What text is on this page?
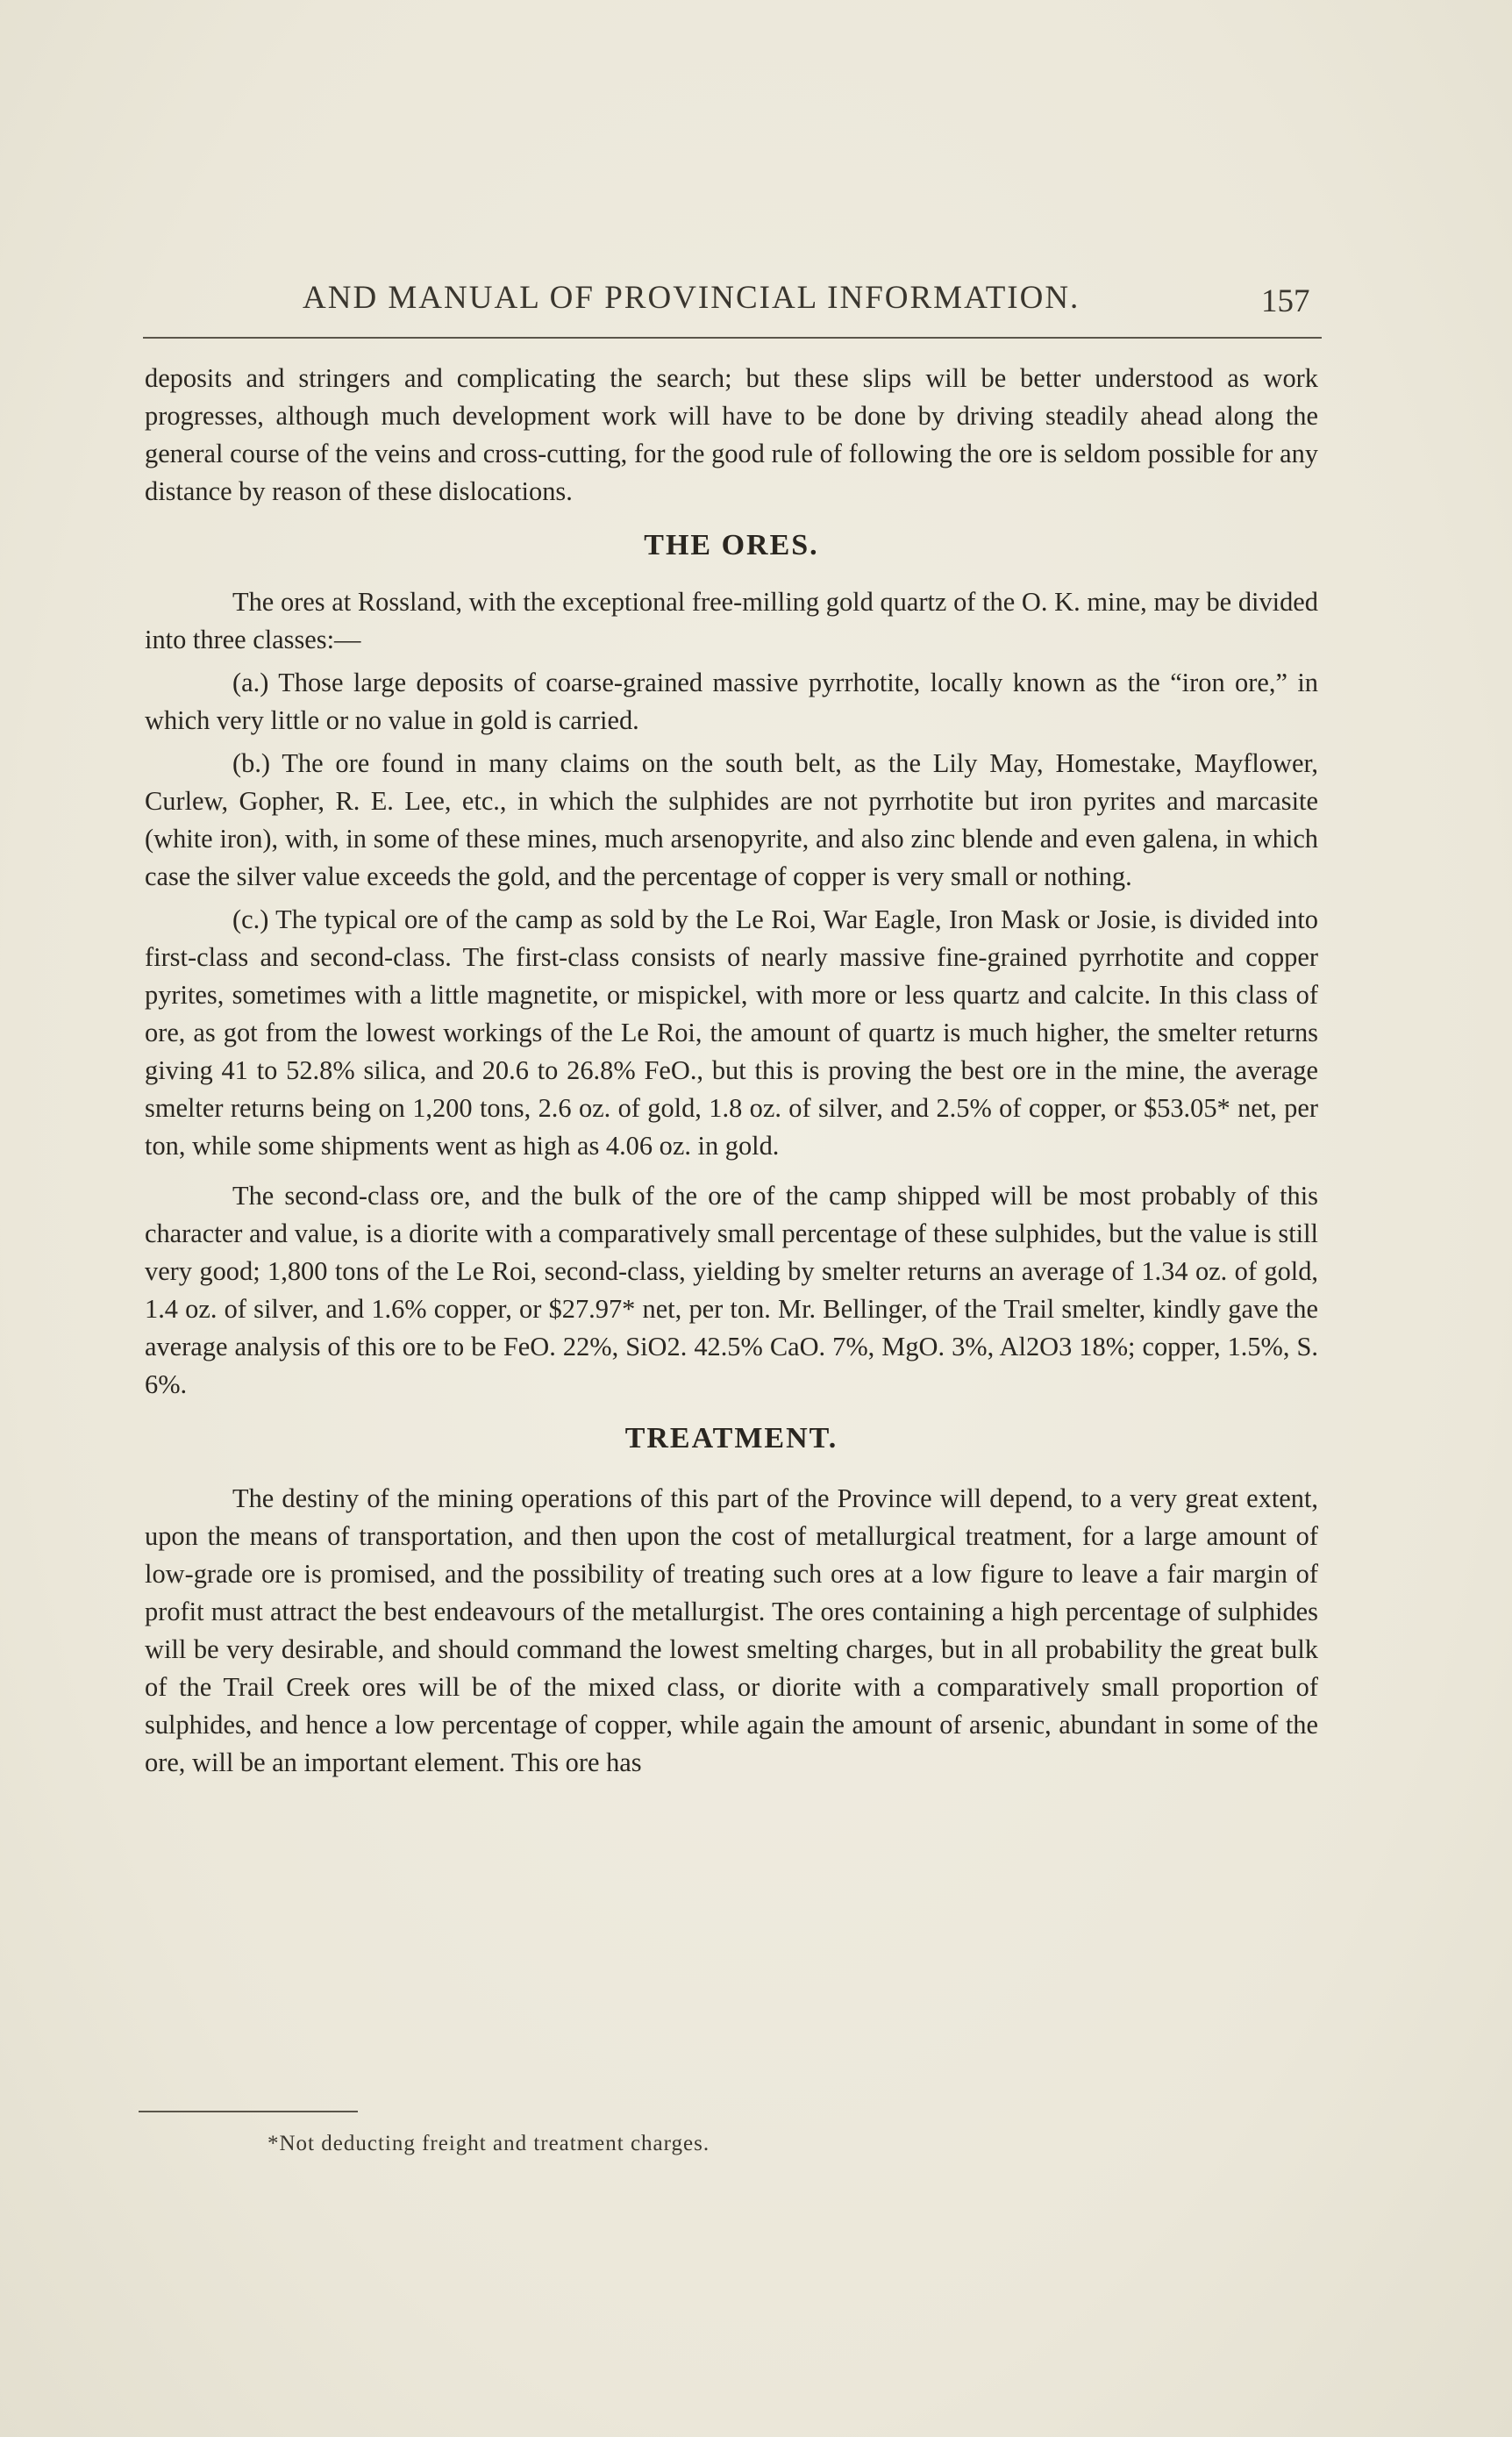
AND MANUAL OF PROVINCIAL INFORMATION.	157

deposits and stringers and complicating the search; but these slips will be better understood as work progresses, although much development work will have to be done by driving steadily ahead along the general course of the veins and cross-cutting, for the good rule of following the ore is seldom possible for any distance by reason of these dislocations.

THE ORES.

The ores at Rossland, with the exceptional free-milling gold quartz of the O. K. mine, may be divided into three classes:—

(a.) Those large deposits of coarse-grained massive pyrrhotite, locally known as the “iron ore,” in which very little or no value in gold is carried.

(b.) The ore found in many claims on the south belt, as the Lily May, Homestake, Mayflower, Curlew, Gopher, R. E. Lee, etc., in which the sulphides are not pyrrhotite but iron pyrites and marcasite (white iron), with, in some of these mines, much arsenopyrite, and also zinc blende and even galena, in which case the silver value exceeds the gold, and the percentage of copper is very small or nothing.

(c.) The typical ore of the camp as sold by the Le Roi, War Eagle, Iron Mask or Josie, is divided into first-class and second-class. The first-class consists of nearly massive fine-grained pyrrhotite and copper pyrites, sometimes with a little magnetite, or mispickel, with more or less quartz and calcite. In this class of ore, as got from the lowest workings of the Le Roi, the amount of quartz is much higher, the smelter returns giving 41 to 52.8% silica, and 20.6 to 26.8% FeO., but this is proving the best ore in the mine, the average smelter returns being on 1,200 tons, 2.6 oz. of gold, 1.8 oz. of silver, and 2.5% of copper, or $53.05* net, per ton, while some shipments went as high as 4.06 oz. in gold.

The second-class ore, and the bulk of the ore of the camp shipped will be most probably of this character and value, is a diorite with a comparatively small percentage of these sulphides, but the value is still very good; 1,800 tons of the Le Roi, second-class, yielding by smelter returns an average of 1.34 oz. of gold, 1.4 oz. of silver, and 1.6% copper, or $27.97* net, per ton. Mr. Bellinger, of the Trail smelter, kindly gave the average analysis of this ore to be FeO. 22%, SiO2. 42.5% CaO. 7%, MgO. 3%, Al2O3 18%; copper, 1.5%, S. 6%.

TREATMENT.

The destiny of the mining operations of this part of the Province will depend, to a very great extent, upon the means of transportation, and then upon the cost of metallurgical treatment, for a large amount of low-grade ore is promised, and the possibility of treating such ores at a low figure to leave a fair margin of profit must attract the best endeavours of the metallurgist. The ores containing a high percentage of sulphides will be very desirable, and should command the lowest smelting charges, but in all probability the great bulk of the Trail Creek ores will be of the mixed class, or diorite with a comparatively small proportion of sulphides, and hence a low percentage of copper, while again the amount of arsenic, abundant in some of the ore, will be an important element. This ore has

*Not deducting freight and treatment charges.
